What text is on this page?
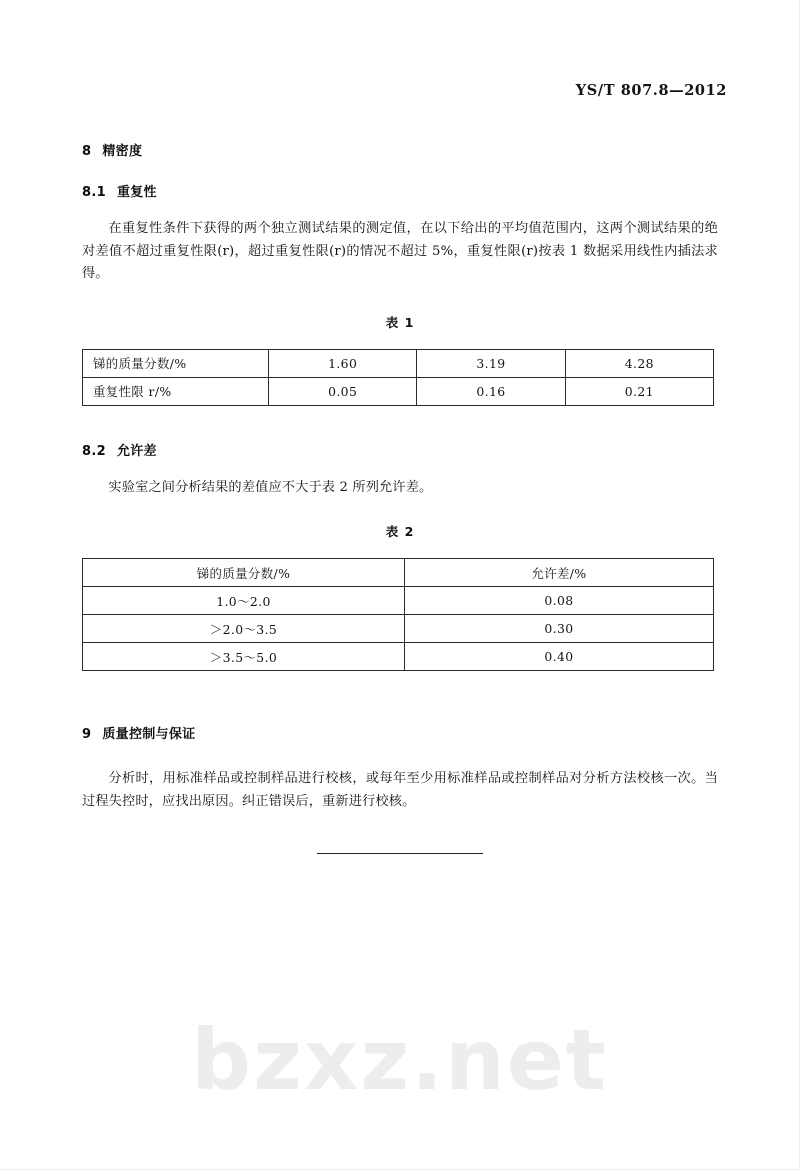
YS/T 807.8—2012
8 精密度
8.1 重复性

在重复性条件下获得的两个独立测试结果的测定值，在以下给出的平均值范围内，这两个测试结果的绝对差值不超过重复性限(r)，超过重复性限(r)的情况不超过 5%，重复性限(r)按表 1 数据采用线性内插法求得。

表 1
锑的质量分数/%	1.60	3.19	4.28
重复性限 r/%	0.05	0.16	0.21
8.2 允许差

实验室之间分析结果的差值应不大于表 2 所列允许差。

表 2
锑的质量分数/%	允许差/%
1.0～2.0	0.08
＞2.0～3.5	0.30
＞3.5～5.0	0.40
9 质量控制与保证

分析时，用标准样品或控制样品进行校核，或每年至少用标准样品或控制样品对分析方法校核一次。当过程失控时，应找出原因。纠正错误后，重新进行校核。

bzxz.net
